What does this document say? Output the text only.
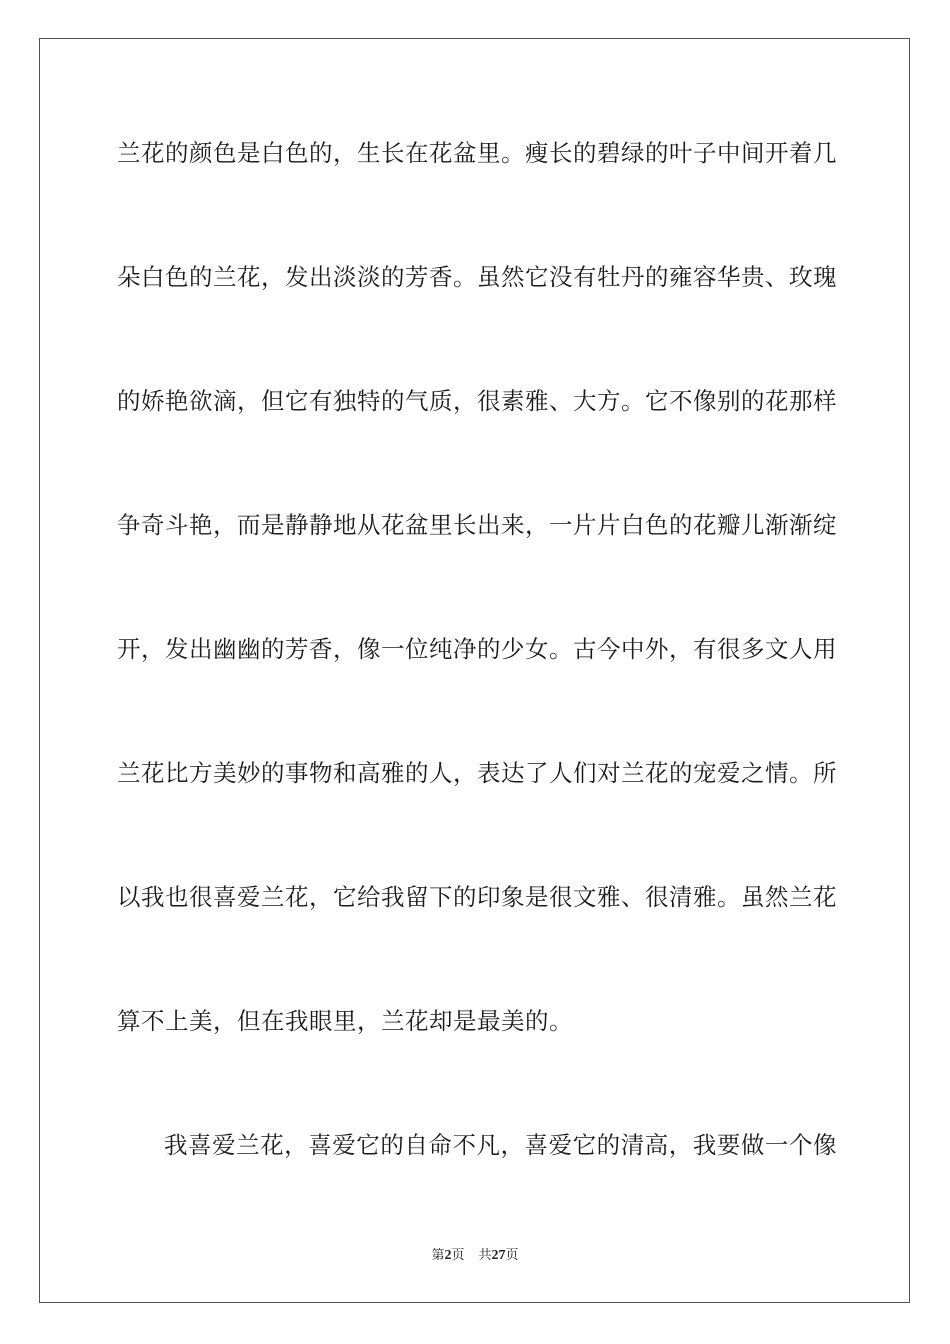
兰花的颜色是白色的，生长在花盆里。瘦长的碧绿的叶子中间开着几
朵白色的兰花，发出淡淡的芳香。虽然它没有牡丹的雍容华贵、玫瑰
的娇艳欲滴，但它有独特的气质，很素雅、大方。它不像别的花那样
争奇斗艳，而是静静地从花盆里长出来，一片片白色的花瓣儿渐渐绽
开，发出幽幽的芳香，像一位纯净的少女。古今中外，有很多文人用
兰花比方美妙的事物和高雅的人，表达了人们对兰花的宠爱之情。所
以我也很喜爱兰花，它给我留下的印象是很文雅、很清雅。虽然兰花
算不上美，但在我眼里，兰花却是最美的。
我喜爱兰花，喜爱它的自命不凡，喜爱它的清高，我要做一个像
第2页 共27页
